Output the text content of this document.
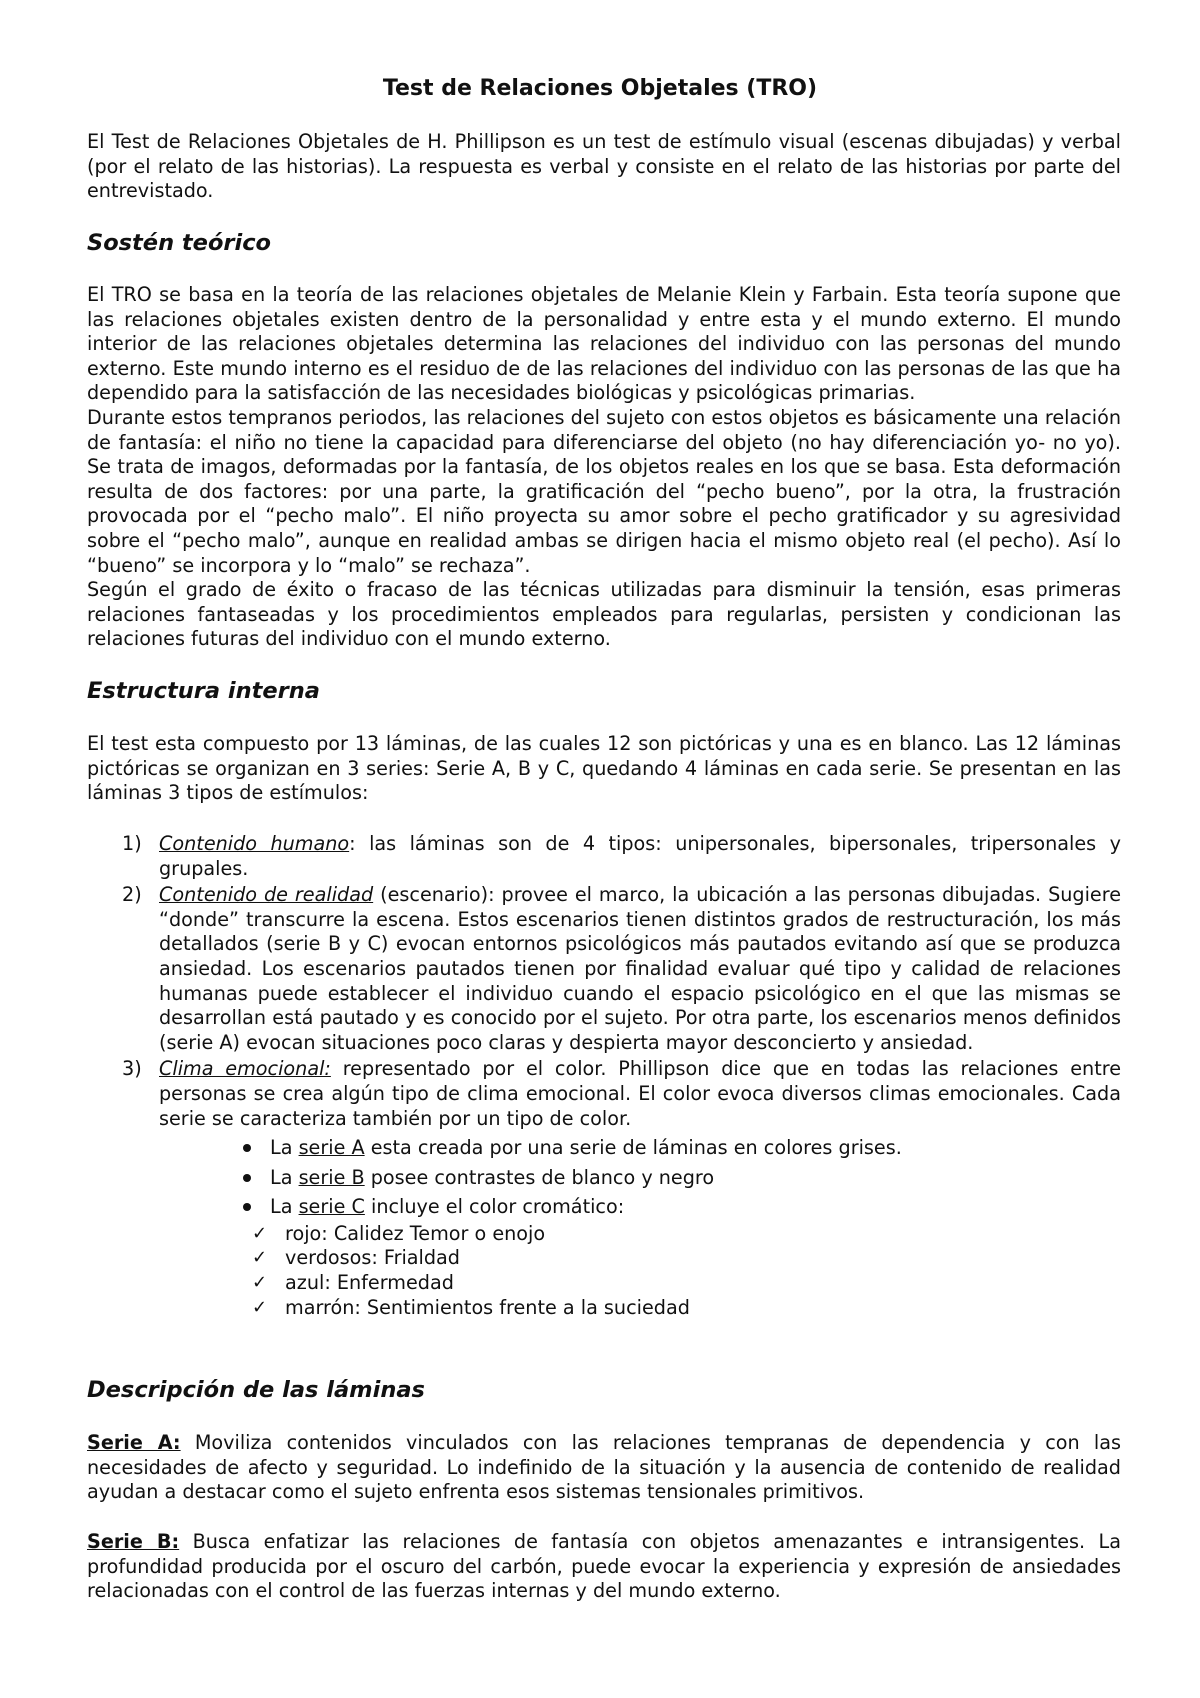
Test de Relaciones Objetales (TRO)

El Test de Relaciones Objetales de H. Phillipson es un test de estímulo visual (escenas dibujadas) y verbal (por el relato de las historias). La respuesta es verbal y consiste en el relato de las historias por parte del entrevistado.

Sostén teórico

El TRO se basa en la teoría de las relaciones objetales de Melanie Klein y Farbain. Esta teoría supone que las relaciones objetales existen dentro de la personalidad y entre esta y el mundo externo. El mundo interior de las relaciones objetales determina las relaciones del individuo con las personas del mundo externo. Este mundo interno es el residuo de de las relaciones del individuo con las personas de las que ha dependido para la satisfacción de las necesidades biológicas y psicológicas primarias.

Durante estos tempranos periodos, las relaciones del sujeto con estos objetos es básicamente una relación de fantasía: el niño no tiene la capacidad para diferenciarse del objeto (no hay diferenciación yo- no yo). Se trata de imagos, deformadas por la fantasía, de los objetos reales en los que se basa. Esta deformación resulta de dos factores: por una parte, la gratificación del “pecho bueno”, por la otra, la frustración provocada por el “pecho malo”. El niño proyecta su amor sobre el pecho gratificador y su agresividad sobre el “pecho malo”, aunque en realidad ambas se dirigen hacia el mismo objeto real (el pecho). Así lo “bueno” se incorpora y lo “malo” se rechaza”.

Según el grado de éxito o fracaso de las técnicas utilizadas para disminuir la tensión, esas primeras relaciones fantaseadas y los procedimientos empleados para regularlas, persisten y condicionan las relaciones futuras del individuo con el mundo externo.

Estructura interna

El test esta compuesto por 13 láminas, de las cuales 12 son pictóricas y una es en blanco. Las 12 láminas pictóricas se organizan en 3 series: Serie A, B y C, quedando 4 láminas en cada serie. Se presentan en las láminas 3 tipos de estímulos:

1) Contenido humano: las láminas son de 4 tipos: unipersonales, bipersonales, tripersonales y grupales.
2) Contenido de realidad (escenario): provee el marco, la ubicación a las personas dibujadas. Sugiere “donde” transcurre la escena. Estos escenarios tienen distintos grados de restructuración, los más detallados (serie B y C) evocan entornos psicológicos más pautados evitando así que se produzca ansiedad. Los escenarios pautados tienen por finalidad evaluar qué tipo y calidad de relaciones humanas puede establecer el individuo cuando el espacio psicológico en el que las mismas se desarrollan está pautado y es conocido por el sujeto. Por otra parte, los escenarios menos definidos (serie A) evocan situaciones poco claras y despierta mayor desconcierto y ansiedad.
3) Clima emocional: representado por el color. Phillipson dice que en todas las relaciones entre personas se crea algún tipo de clima emocional. El color evoca diversos climas emocionales. Cada serie se caracteriza también por un tipo de color.
La serie A esta creada por una serie de láminas en colores grises.
La serie B posee contrastes de blanco y negro
La serie C incluye el color cromático:
✓ rojo: Calidez Temor o enojo
✓ verdosos: Frialdad
✓ azul: Enfermedad
✓ marrón: Sentimientos frente a la suciedad
Descripción de las láminas

Serie A: Moviliza contenidos vinculados con las relaciones tempranas de dependencia y con las necesidades de afecto y seguridad. Lo indefinido de la situación y la ausencia de contenido de realidad ayudan a destacar como el sujeto enfrenta esos sistemas tensionales primitivos.

Serie B: Busca enfatizar las relaciones de fantasía con objetos amenazantes e intransigentes. La profundidad producida por el oscuro del carbón, puede evocar la experiencia y expresión de ansiedades relacionadas con el control de las fuerzas internas y del mundo externo.
